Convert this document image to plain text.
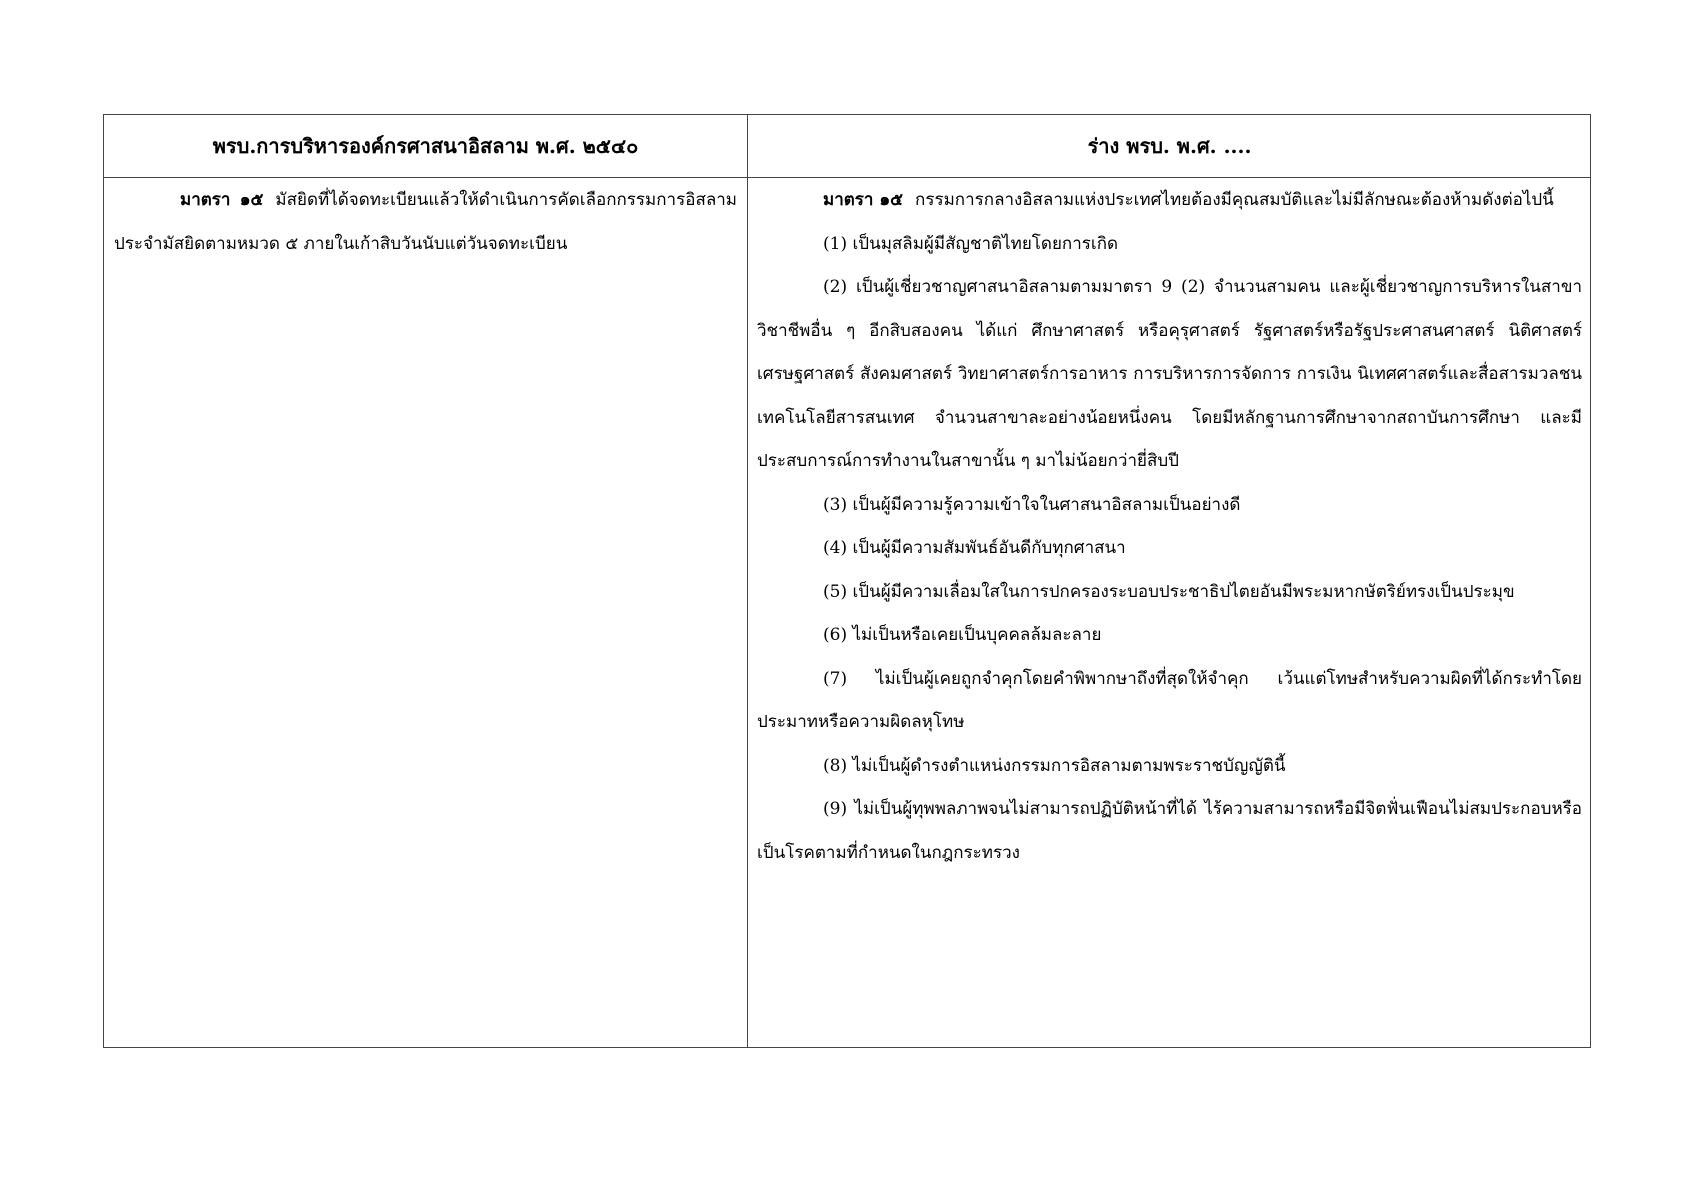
พรบ.การบริหารองค์กรศาสนาอิสลาม พ.ศ. ๒๕๔๐	ร่าง พรบ. พ.ศ. ....

มาตรา ๑๕ มัสยิดที่ได้จดทะเบียนแล้วให้ดำเนินการคัดเลือกกรรมการอิสลามประจำมัสยิดตามหมวด ๕ ภายในเก้าสิบวันนับแต่วันจดทะเบียน

มาตรา ๑๕ กรรมการกลางอิสลามแห่งประเทศไทยต้องมีคุณสมบัติและไม่มีลักษณะต้องห้ามดังต่อไปนี้

(1) เป็นมุสลิมผู้มีสัญชาติไทยโดยการเกิด

(2) เป็นผู้เชี่ยวชาญศาสนาอิสลามตามมาตรา 9 (2) จำนวนสามคน และผู้เชี่ยวชาญการบริหารในสาขาวิชาชีพอื่น ๆ อีกสิบสองคน ได้แก่ ศึกษาศาสตร์ หรือคุรุศาสตร์ รัฐศาสตร์หรือรัฐประศาสนศาสตร์ นิติศาสตร์ เศรษฐศาสตร์ สังคมศาสตร์ วิทยาศาสตร์การอาหาร การบริหารการจัดการ การเงิน นิเทศศาสตร์และสื่อสารมวลชน เทคโนโลยีสารสนเทศ จำนวนสาขาละอย่างน้อยหนึ่งคน โดยมีหลักฐานการศึกษาจากสถาบันการศึกษา และมีประสบการณ์การทำงานในสาขานั้น ๆ มาไม่น้อยกว่ายี่สิบปี

(3) เป็นผู้มีความรู้ความเข้าใจในศาสนาอิสลามเป็นอย่างดี

(4) เป็นผู้มีความสัมพันธ์อันดีกับทุกศาสนา

(5) เป็นผู้มีความเลื่อมใสในการปกครองระบอบประชาธิปไตยอันมีพระมหากษัตริย์ทรงเป็นประมุข

(6) ไม่เป็นหรือเคยเป็นบุคคลล้มละลาย

(7) ไม่เป็นผู้เคยถูกจำคุกโดยคำพิพากษาถึงที่สุดให้จำคุก เว้นแต่โทษสำหรับความผิดที่ได้กระทำโดยประมาทหรือความผิดลหุโทษ

(8) ไม่เป็นผู้ดำรงตำแหน่งกรรมการอิสลามตามพระราชบัญญัตินี้

(9) ไม่เป็นผู้ทุพพลภาพจนไม่สามารถปฏิบัติหน้าที่ได้ ไร้ความสามารถหรือมีจิตฟั่นเฟือนไม่สมประกอบหรือเป็นโรคตามที่กำหนดในกฎกระทรวง
